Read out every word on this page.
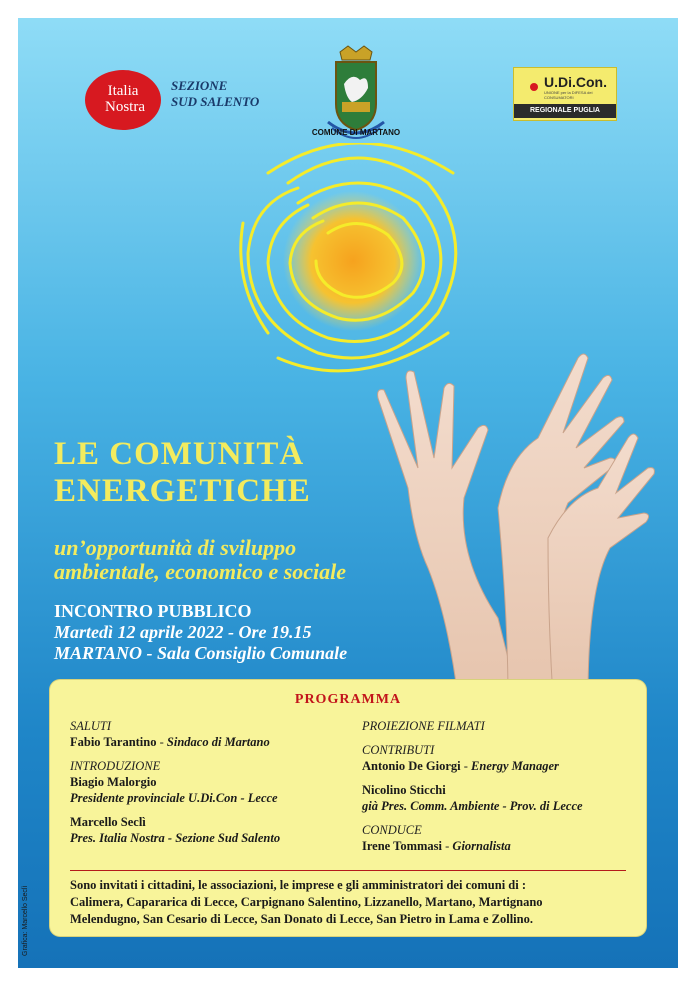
Italia
Nostra
SEZIONE
SUD SALENTO
COMUNE DI MARTANO
U.Di.Con.
UNIONE per la DIFESA dei CONSUMATORI
REGIONALE PUGLIA
LE COMUNITÀ
ENERGETICHE
un’opportunità di sviluppo
ambientale, economico e sociale
INCONTRO PUBBLICO
Martedì 12 aprile 2022 - Ore 19.15
MARTANO - Sala Consiglio Comunale
PROGRAMMA
SALUTI
Fabio Tarantino - Sindaco di Martano
INTRODUZIONE
Biagio Malorgio
Presidente provinciale U.Di.Con - Lecce
Marcello Seclì
Pres. Italia Nostra - Sezione Sud Salento
PROIEZIONE FILMATI
CONTRIBUTI
Antonio De Giorgi - Energy Manager
Nicolino Sticchi
già Pres. Comm. Ambiente - Prov. di Lecce
CONDUCE
Irene Tommasi - Giornalista
Sono invitati i cittadini, le associazioni, le imprese e gli amministratori dei comuni di :
Calimera, Capararica di Lecce, Carpignano Salentino, Lizzanello, Martano, Martignano
Melendugno, San Cesario di Lecce, San Donato di Lecce, San Pietro in Lama e Zollino.
Grafica: Marcello Seclì
